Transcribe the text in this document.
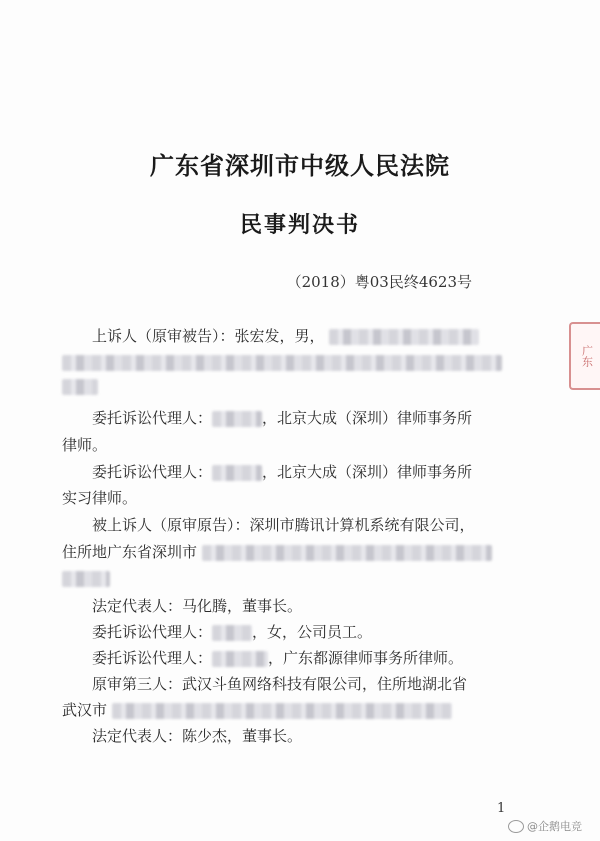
广东省深圳市中级人民法院
民事判决书
（2018）粤03民终4623号
广东
上诉人（原审被告）：张宏发，男，
委托诉讼代理人：	，北京大成（深圳）律师事务所
律师。
委托诉讼代理人：	，北京大成（深圳）律师事务所
实习律师。
被上诉人（原审原告）：深圳市腾讯计算机系统有限公司，
住所地广东省深圳市
法定代表人：马化腾，董事长。
委托诉讼代理人：	，女，公司员工。
委托诉讼代理人：	，广东都源律师事务所律师。
原审第三人：武汉斗鱼网络科技有限公司，住所地湖北省
武汉市
法定代表人：陈少杰，董事长。
1
@企鹅电竞
